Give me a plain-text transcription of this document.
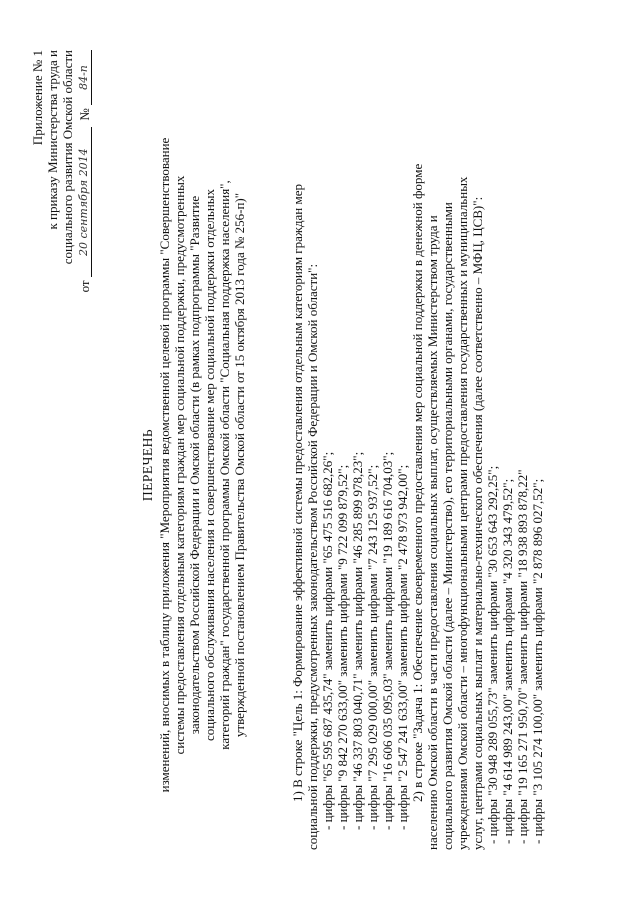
Приложение № 1 к приказу Министерства труда и социального развития Омской области
от 20 сентября 2014  № 84-п
ПЕРЕЧЕНЬ изменений, вносимых в таблицу приложения "Мероприятия ведомственной целевой программы "Совершенствование системы предоставления отдельным категориям граждан мер социальной поддержки, предусмотренных законодательством Российской Федерации и Омской области (в рамках подпрограммы "Развитие социального обслуживания населения и совершенствование мер социальной поддержки отдельных категорий граждан" государственной программы Омской области "Социальная поддержка населения", утвержденной постановлением Правительства Омской области от 15 октября 2013 года № 256-п)"	1) В строке "Цель 1: Формирование эффективной системы предоставления отдельным категориям граждан мер социальной поддержки, предусмотренных законодательством Российской Федерации и Омской области": - цифры "65 595 687 435,74" заменить цифрами "65 475 516 682,26"; - цифры "9 842 270 633,00" заменить цифрами "9 722 099 879,52"; - цифры "46 337 803 040,71" заменить цифрами "46 285 899 978,23"; - цифры "7 295 029 000,00" заменить цифрами "7 243 125 937,52"; - цифры "16 606 035 095,03" заменить цифрами "19 189 616 704,03"; - цифры "2 547 241 633,00" заменить цифрами "2 478 973 942,00"; 2) в строке "Задача 1: Обеспечение своевременного предоставления мер социальной поддержки в денежной форме населению Омской области в части предоставления социальных выплат, осуществляемых Министерством труда и социального развития Омской области (далее – Министерство), его территориальными органами, государственными учреждениями Омской области – многофункциональными центрами предоставления государственных и муниципальных услуг, центрами социальных выплат и материально-технического обеспечения (далее соответственно – МФЦ, ЦСВ)": - цифры "30 948 289 055,73" заменить цифрами "30 653 643 292,25"; - цифры "4 614 989 243,00" заменить цифрами "4 320 343 479,52"; - цифры "19 165 271 950,70" заменить цифрами "18 938 893 878,22" - цифры "3 105 274 100,00" заменить цифрами "2 878 896 027,52";
